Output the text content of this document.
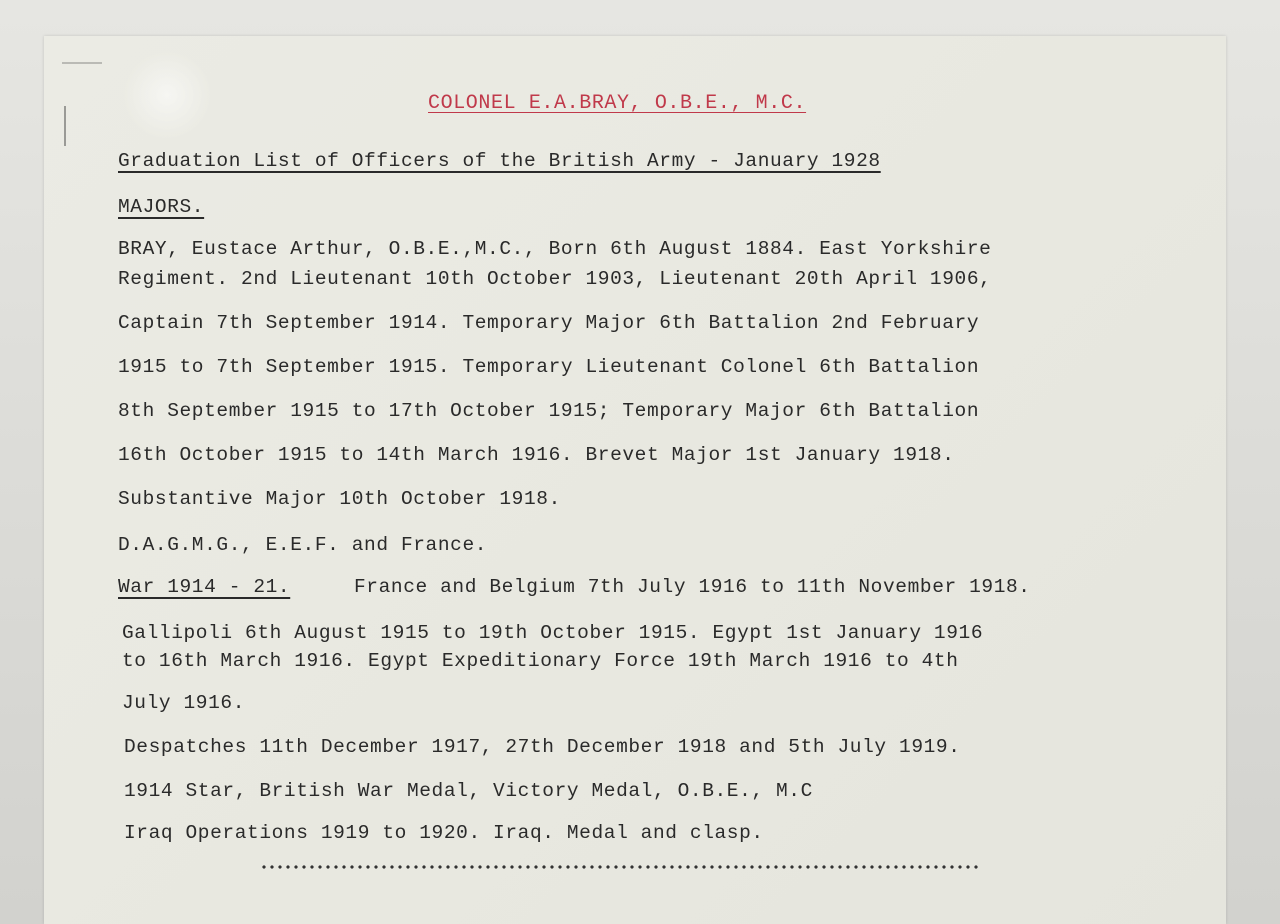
COLONEL E.A.BRAY, O.B.E., M.C.
Graduation List of Officers of the British Army - January 1928
MAJORS.
BRAY, Eustace Arthur, O.B.E.,M.C., Born 6th August 1884. East Yorkshire
Regiment. 2nd Lieutenant 10th October 1903, Lieutenant 20th April 1906,
Captain 7th September 1914. Temporary Major 6th Battalion 2nd February
1915 to 7th September 1915. Temporary Lieutenant Colonel 6th Battalion
8th September 1915 to 17th October 1915; Temporary Major 6th Battalion
16th October 1915 to 14th March 1916. Brevet Major 1st January 1918.
Substantive Major 10th October 1918.
D.A.G.M.G., E.E.F. and France.
War 1914 - 21.	France and Belgium 7th July 1916 to 11th November 1918.
Gallipoli 6th August 1915 to 19th October 1915. Egypt 1st January 1916
to 16th March 1916. Egypt Expeditionary Force 19th March 1916 to 4th
July 1916.
Despatches 11th December 1917, 27th December 1918 and 5th July 1919.
1914 Star, British War Medal, Victory Medal, O.B.E., M.C
Iraq Operations 1919 to 1920. Iraq. Medal and clasp.
